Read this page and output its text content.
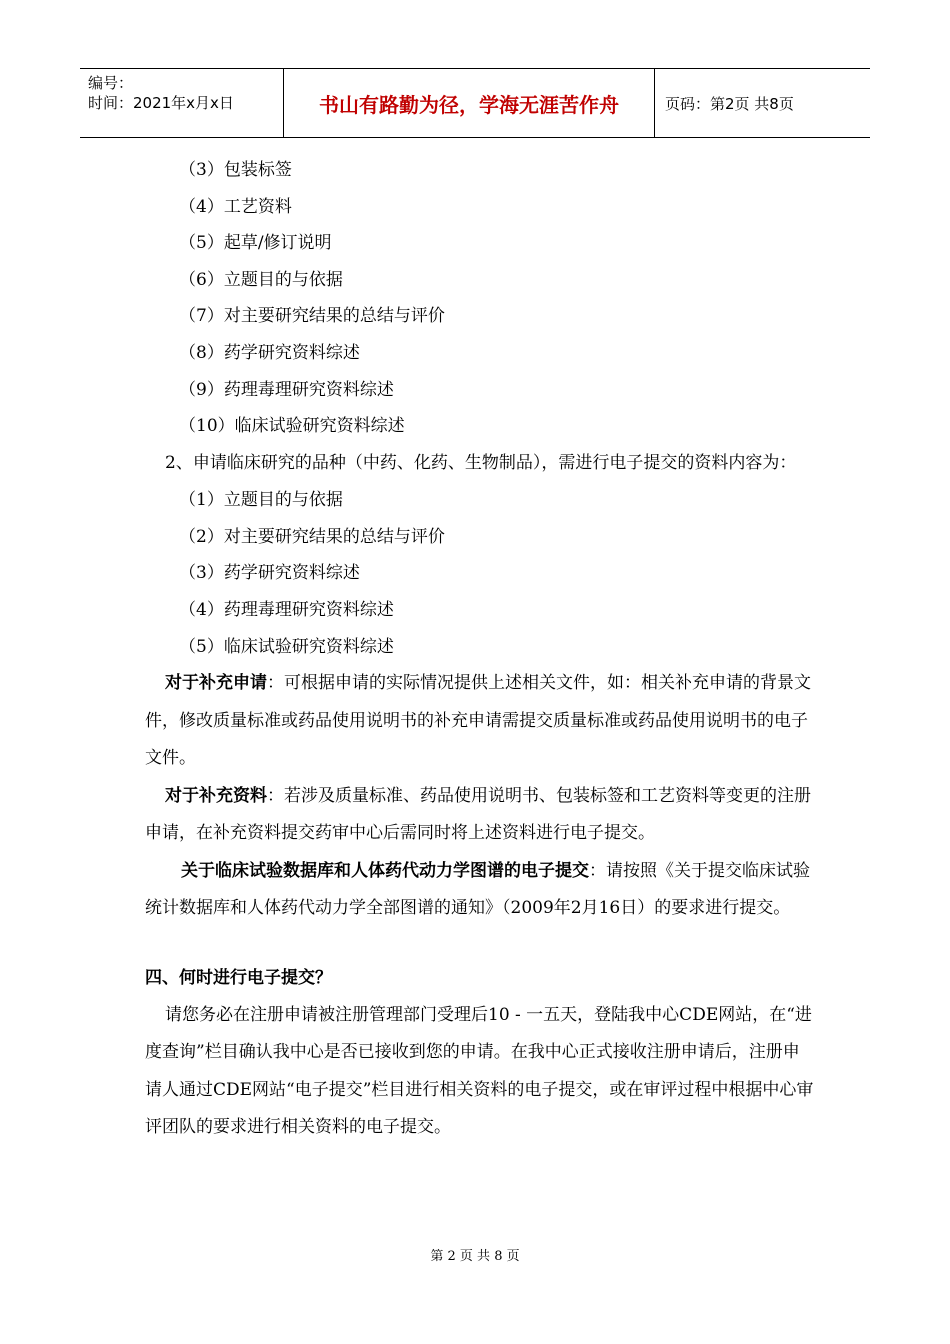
编号：
时间：2021年x月x日	书山有路勤为径，学海无涯苦作舟	页码：第2页 共8页
（3）包装标签
（4）工艺资料
（5）起草/修订说明
（6）立题目的与依据
（7）对主要研究结果的总结与评价
（8）药学研究资料综述
（9）药理毒理研究资料综述
（10）临床试验研究资料综述
2、申请临床研究的品种（中药、化药、生物制品），需进行电子提交的资料内容为：
（1）立题目的与依据
（2）对主要研究结果的总结与评价
（3）药学研究资料综述
（4）药理毒理研究资料综述
（5）临床试验研究资料综述
对于补充申请：可根据申请的实际情况提供上述相关文件，如：相关补充申请的背景文件，修改质量标准或药品使用说明书的补充申请需提交质量标准或药品使用说明书的电子文件。
对于补充资料：若涉及质量标准、药品使用说明书、包装标签和工艺资料等变更的注册申请，在补充资料提交药审中心后需同时将上述资料进行电子提交。
关于临床试验数据库和人体药代动力学图谱的电子提交：请按照《关于提交临床试验统计数据库和人体药代动力学全部图谱的通知》（2009年2月16日）的要求进行提交。
四、何时进行电子提交？
请您务必在注册申请被注册管理部门受理后10 - 一五天，登陆我中心CDE网站，在“进度查询”栏目确认我中心是否已接收到您的申请。在我中心正式接收注册申请后，注册申请人通过CDE网站“电子提交”栏目进行相关资料的电子提交，或在审评过程中根据中心审评团队的要求进行相关资料的电子提交。
第 2 页 共 8 页
